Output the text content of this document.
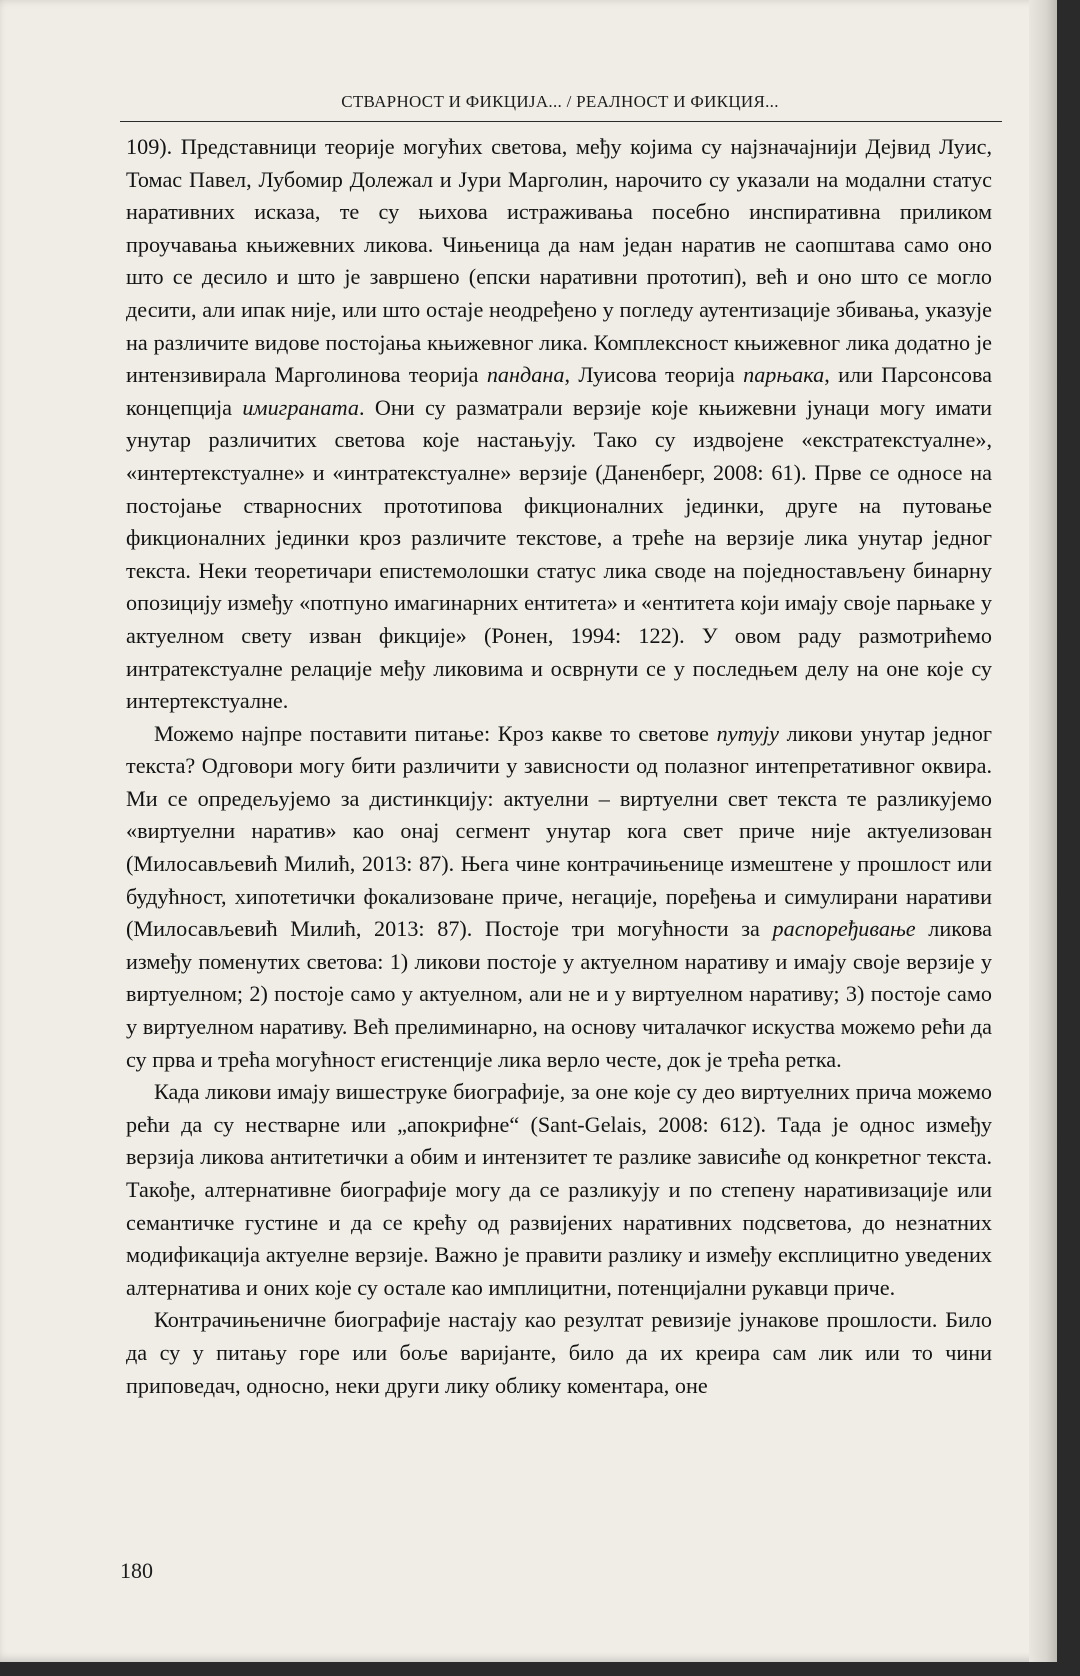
СТВАРНОСТ И ФИКЦИЈА... / РЕАЛНОСТ И ФИКЦИЯ...

109). Представници теорије могућих светова, међу којима су најзначајнији Дејвид Луис, Томас Павел, Лубомир Долежал и Јури Марголин, нарочито су указали на модални статус наративних исказа, те су њихова истраживања посебно инспиративна приликом проучавања књижевних ликова. Чињеница да нам један наратив не саопштава само оно што се десило и што је завршено (епски наративни прототип), већ и оно што се могло десити, али ипак није, или што остаје неодређено у погледу аутентизације збивања, указује на различите видове постојања књижевног лика. Комплексност књижевног лика додатно је интензивирала Марголинова теорија пандана, Луисова теорија парњака, или Парсонсова концепција имиграната. Они су разматрали верзије које књижевни јунаци могу имати унутар различитих светова које настањују. Тако су издвојене «екстратекстуалне», «интертекстуалне» и «интратекстуалне» верзије (Даненберг, 2008: 61). Прве се односе на постојање стварносних прототипова фикционалних јединки, друге на путовање фикционалних јединки кроз различите текстове, а треће на верзије лика унутар једног текста. Неки теоретичари епистемолошки статус лика своде на поједностављену бинарну опозицију између «потпуно имагинарних ентитета» и «ентитета који имају своје парњаке у актуелном свету изван фикције» (Ронен, 1994: 122). У овом раду размотрићемо интратекстуалне релације међу ликовима и осврнути се у последњем делу на оне које су интертекстуалне.

Можемо најпре поставити питање: Кроз какве то светове путују ликови унутар једног текста? Одговори могу бити различити у зависности од полазног интепретативног оквира. Ми се опредељујемо за дистинкцију: актуелни – виртуелни свет текста те разликујемо «виртуелни наратив» као онај сегмент унутар кога свет приче није актуелизован (Милосављевић Милић, 2013: 87). Њега чине контрачињенице измештене у прошлост или будућност, хипотетички фокализоване приче, негације, поређења и симулирани наративи (Милосављевић Милић, 2013: 87). Постоје три могућности за распоређивање ликова између поменутих светова: 1) ликови постоје у актуелном наративу и имају своје верзије у виртуелном; 2) постоје само у актуелном, али не и у виртуелном наративу; 3) постоје само у виртуелном наративу. Већ прелиминарно, на основу читалачког искуства можемо рећи да су прва и трећа могућност егистенције лика верло честе, док је трећа ретка.

Када ликови имају вишеструке биографије, за оне које су део виртуелних прича можемо рећи да су нестварне или „апокрифне“ (Sant-Gelais, 2008: 612). Тада је однос између верзија ликова антитетички а обим и интензитет те разлике зависиће од конкретног текста. Такође, алтернативне биографије могу да се разликују и по степену наративизације или семантичке густине и да се крећу од развијених наративних подсветова, до незнатних модификација актуелне верзије. Важно је правити разлику и између експлицитно уведених алтернатива и оних које су остале као имплицитни, потенцијални рукавци приче.

Контрачињеничне биографије настају као резултат ревизије јунакове прошлости. Било да су у питању горе или боље варијанте, било да их креира сам лик или то чини приповедач, односно, неки други лику облику коментара, оне

180
